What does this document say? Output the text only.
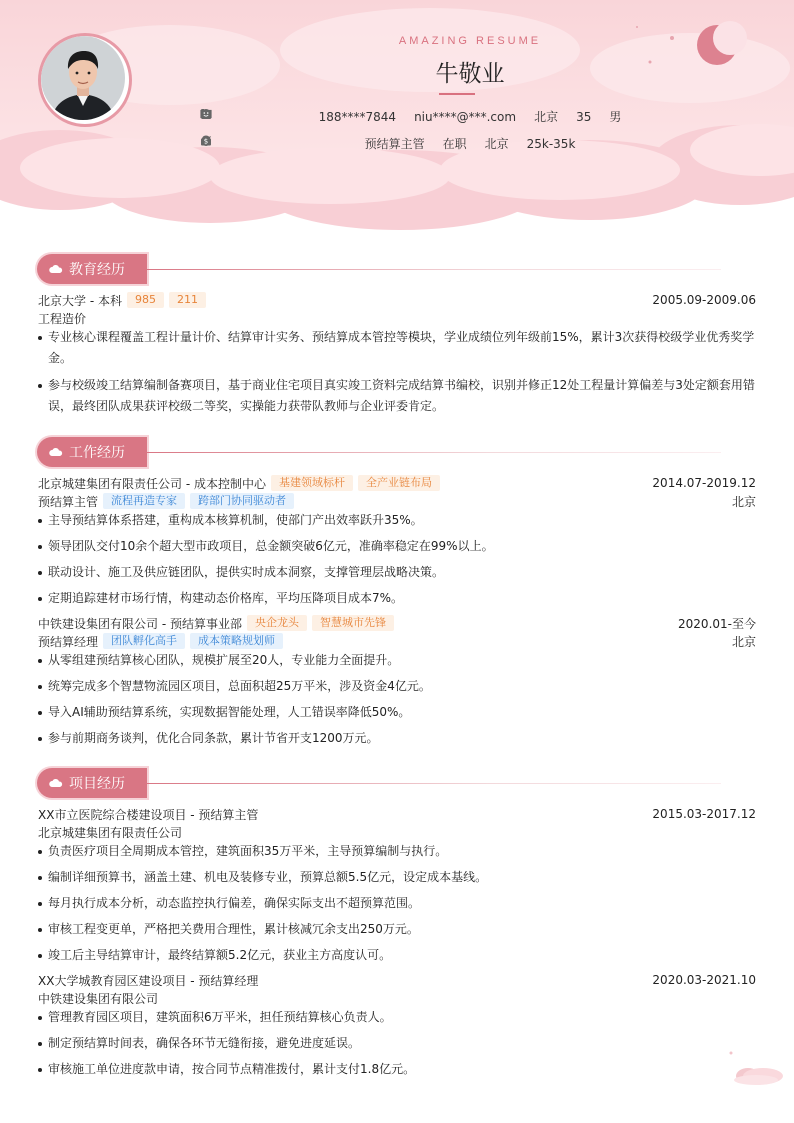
AMAZING RESUME
牛敬业
188****7844 niu****@***.com 北京 35 男
预结算主管 在职 北京
$	25k-35k
教育经历
北京大学 - 本科	985	211	2005.09-2009.06
工程造价
专业核心课程覆盖工程计量计价、结算审计实务、预结算成本管控等模块，学业成绩位列年级前15%，累计3次获得校级学业优秀奖学金。
参与校级竣工结算编制备赛项目，基于商业住宅项目真实竣工资料完成结算书编校，识别并修正12处工程量计算偏差与3处定额套用错误，最终团队成果获评校级二等奖，实操能力获带队教师与企业评委肯定。
工作经历
北京城建集团有限责任公司 - 成本控制中心	基建领域标杆	全产业链布局	2014.07-2019.12
预结算主管	流程再造专家	跨部门协同驱动者	北京
主导预结算体系搭建，重构成本核算机制，使部门产出效率跃升35%。
领导团队交付10余个超大型市政项目，总金额突破6亿元，准确率稳定在99%以上。
联动设计、施工及供应链团队，提供实时成本洞察，支撑管理层战略决策。
定期追踪建材市场行情，构建动态价格库，平均压降项目成本7%。
中铁建设集团有限公司 - 预结算事业部	央企龙头	智慧城市先锋	2020.01-至今
预结算经理	团队孵化高手	成本策略规划师	北京
从零组建预结算核心团队，规模扩展至20人，专业能力全面提升。
统筹完成多个智慧物流园区项目，总面积超25万平米，涉及资金4亿元。
导入AI辅助预结算系统，实现数据智能处理，人工错误率降低50%。
参与前期商务谈判，优化合同条款，累计节省开支1200万元。
项目经历
XX市立医院综合楼建设项目 - 预结算主管	2015.03-2017.12
北京城建集团有限责任公司
负责医疗项目全周期成本管控，建筑面积35万平米，主导预算编制与执行。
编制详细预算书，涵盖土建、机电及装修专业，预算总额5.5亿元，设定成本基线。
每月执行成本分析，动态监控执行偏差，确保实际支出不超预算范围。
审核工程变更单，严格把关费用合理性，累计核减冗余支出250万元。
竣工后主导结算审计，最终结算额5.2亿元，获业主方高度认可。
XX大学城教育园区建设项目 - 预结算经理	2020.03-2021.10
中铁建设集团有限公司
管理教育园区项目，建筑面积6万平米，担任预结算核心负责人。
制定预结算时间表，确保各环节无缝衔接，避免进度延误。
审核施工单位进度款申请，按合同节点精准拨付，累计支付1.8亿元。
